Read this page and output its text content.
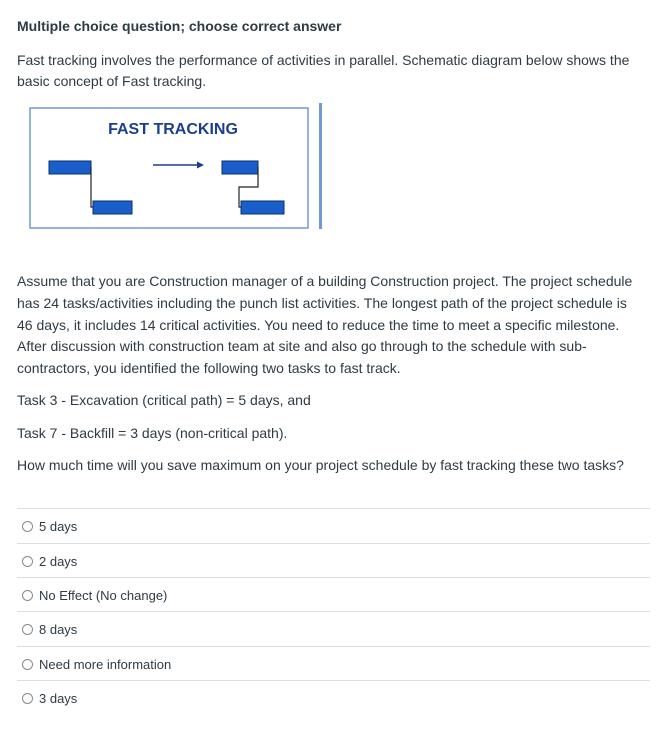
Multiple choice question; choose correct answer

Fast tracking involves the performance of activities in parallel. Schematic diagram below shows the

basic concept of Fast tracking.

FAST TRACKING

Assume that you are Construction manager of a building Construction project. The project schedule

has 24 tasks/activities including the punch list activities. The longest path of the project schedule is

46 days, it includes 14 critical activities. You need to reduce the time to meet a specific milestone.

After discussion with construction team at site and also go through to the schedule with sub-

contractors, you identified the following two tasks to fast track.

Task 3 - Excavation (critical path) = 5 days, and

Task 7 - Backfill = 3 days (non-critical path).

How much time will you save maximum on your project schedule by fast tracking these two tasks?

5 days
2 days
No Effect (No change)
8 days
Need more information
3 days
